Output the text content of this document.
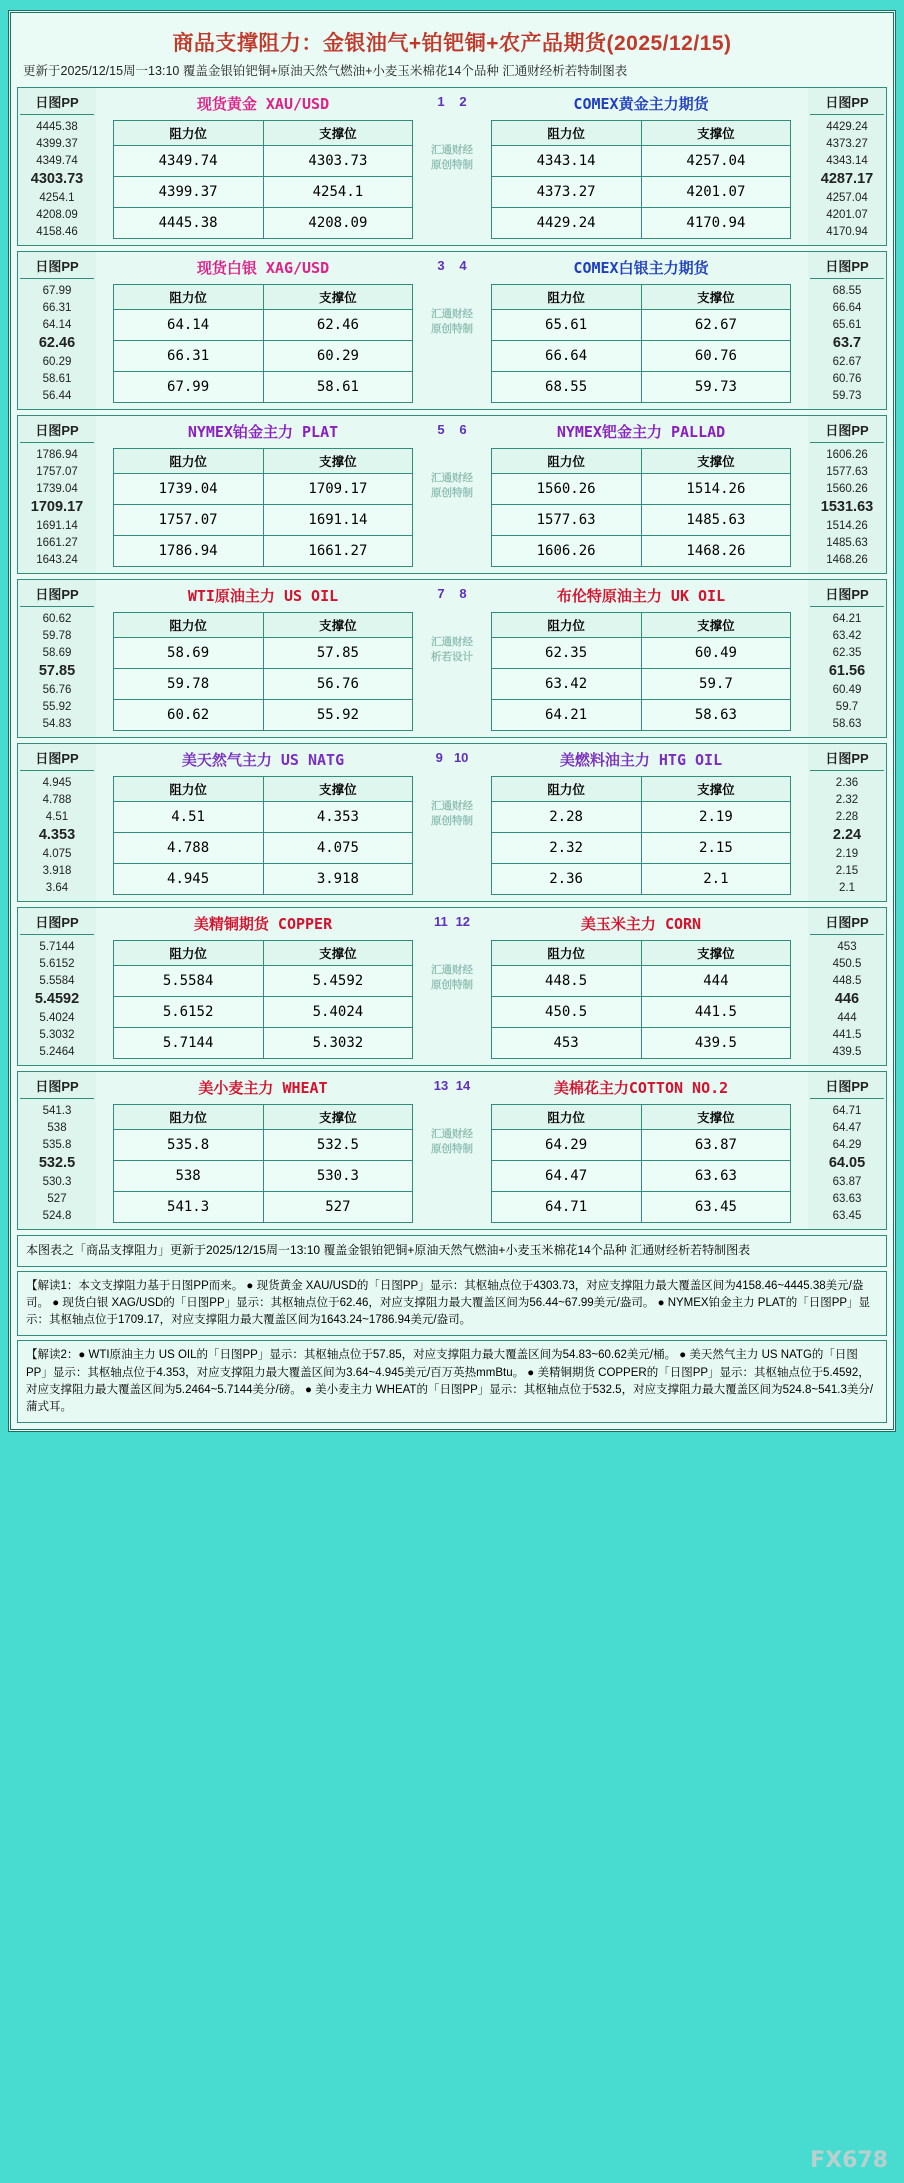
商品支撑阻力：金银油气+铂钯铜+农产品期货(2025/12/15)
更新于2025/12/15周一13:10 覆盖金银铂钯铜+原油天然气燃油+小麦玉米棉花14个品种 汇通财经析若特制图表
日图PP
4445.38
4399.37
4349.74
4303.73
4254.1
4208.09
4158.46
现货黄金 XAU/USD
阻力位	支撑位
4349.74	4303.73
4399.37	4254.1
4445.38	4208.09
1 2
汇通财经
原创特制
COMEX黄金主力期货
阻力位	支撑位
4343.14	4257.04
4373.27	4201.07
4429.24	4170.94
日图PP
4429.24
4373.27
4343.14
4287.17
4257.04
4201.07
4170.94
日图PP
67.99
66.31
64.14
62.46
60.29
58.61
56.44
现货白银 XAG/USD
阻力位	支撑位
64.14	62.46
66.31	60.29
67.99	58.61
3 4
汇通财经
原创特制
COMEX白银主力期货
阻力位	支撑位
65.61	62.67
66.64	60.76
68.55	59.73
日图PP
68.55
66.64
65.61
63.7
62.67
60.76
59.73
日图PP
1786.94
1757.07
1739.04
1709.17
1691.14
1661.27
1643.24
NYMEX铂金主力 PLAT
阻力位	支撑位
1739.04	1709.17
1757.07	1691.14
1786.94	1661.27
5 6
汇通财经
原创特制
NYMEX钯金主力 PALLAD
阻力位	支撑位
1560.26	1514.26
1577.63	1485.63
1606.26	1468.26
日图PP
1606.26
1577.63
1560.26
1531.63
1514.26
1485.63
1468.26
日图PP
60.62
59.78
58.69
57.85
56.76
55.92
54.83
WTI原油主力 US OIL
阻力位	支撑位
58.69	57.85
59.78	56.76
60.62	55.92
7 8
汇通财经
析若设计
布伦特原油主力 UK OIL
阻力位	支撑位
62.35	60.49
63.42	59.7
64.21	58.63
日图PP
64.21
63.42
62.35
61.56
60.49
59.7
58.63
日图PP
4.945
4.788
4.51
4.353
4.075
3.918
3.64
美天然气主力 US NATG
阻力位	支撑位
4.51	4.353
4.788	4.075
4.945	3.918
9 10
汇通财经
原创特制
美燃料油主力 HTG OIL
阻力位	支撑位
2.28	2.19
2.32	2.15
2.36	2.1
日图PP
2.36
2.32
2.28
2.24
2.19
2.15
2.1
日图PP
5.7144
5.6152
5.5584
5.4592
5.4024
5.3032
5.2464
美精铜期货 COPPER
阻力位	支撑位
5.5584	5.4592
5.6152	5.4024
5.7144	5.3032
11 12
汇通财经
原创特制
美玉米主力 CORN
阻力位	支撑位
448.5	444
450.5	441.5
453	439.5
日图PP
453
450.5
448.5
446
444
441.5
439.5
日图PP
541.3
538
535.8
532.5
530.3
527
524.8
美小麦主力 WHEAT
阻力位	支撑位
535.8	532.5
538	530.3
541.3	527
13 14
汇通财经
原创特制
美棉花主力COTTON NO.2
阻力位	支撑位
64.29	63.87
64.47	63.63
64.71	63.45
日图PP
64.71
64.47
64.29
64.05
63.87
63.63
63.45
本图表之「商品支撑阻力」更新于2025/12/15周一13:10 覆盖金银铂钯铜+原油天然气燃油+小麦玉米棉花14个品种 汇通财经析若特制图表
【解读1：本文支撑阻力基于日图PP而来。 ● 现货黄金 XAU/USD的「日图PP」显示：其枢轴点位于4303.73，对应支撑阻力最大覆盖区间为4158.46~4445.38美元/盎司。 ● 现货白银 XAG/USD的「日图PP」显示：其枢轴点位于62.46，对应支撑阻力最大覆盖区间为56.44~67.99美元/盎司。 ● NYMEX铂金主力 PLAT的「日图PP」显示：其枢轴点位于1709.17，对应支撑阻力最大覆盖区间为1643.24~1786.94美元/盎司。
【解读2：● WTI原油主力 US OIL的「日图PP」显示：其枢轴点位于57.85，对应支撑阻力最大覆盖区间为54.83~60.62美元/桶。 ● 美天然气主力 US NATG的「日图PP」显示：其枢轴点位于4.353，对应支撑阻力最大覆盖区间为3.64~4.945美元/百万英热mmBtu。 ● 美精铜期货 COPPER的「日图PP」显示：其枢轴点位于5.4592，对应支撑阻力最大覆盖区间为5.2464~5.7144美分/磅。 ● 美小麦主力 WHEAT的「日图PP」显示：其枢轴点位于532.5，对应支撑阻力最大覆盖区间为524.8~541.3美分/蒲式耳。
FX678
